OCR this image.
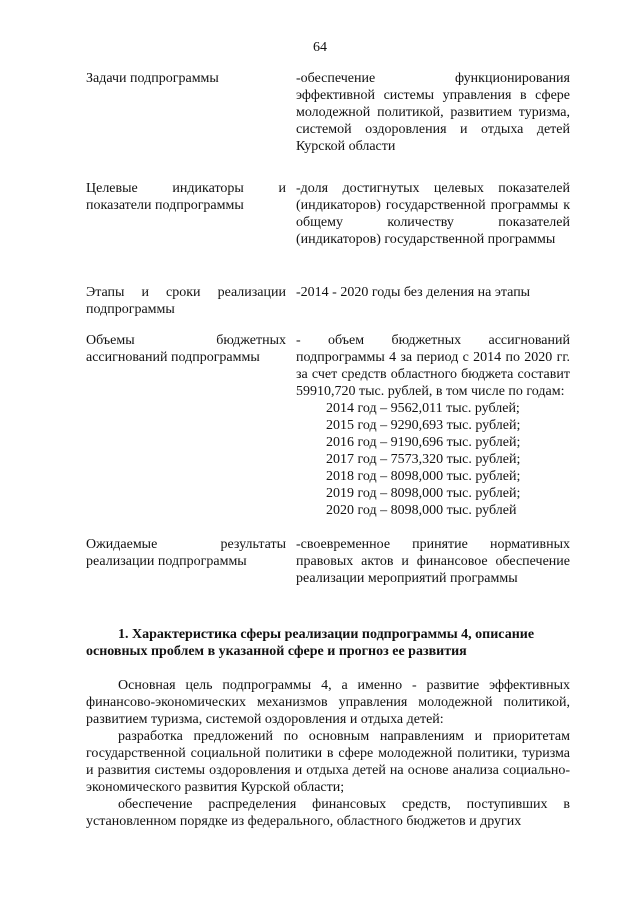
64
Задачи подпрограммы	-обеспечение функционирования эффективной системы управления в сфере молодежной политикой, развитием туризма, системой оздоровления и отдыха детей Курской области
Целевые индикаторы и показатели подпрограммы
-доля достигнутых целевых показателей (индикаторов) государственной программы к общему количеству показателей (индикаторов) государственной программы
Этапы и сроки реализации подпрограммы
-2014 - 2020 годы без деления на этапы
Объемы бюджетных ассигнований подпрограммы
- объем бюджетных ассигнований подпрограммы 4 за период с 2014 по 2020 гг. за счет средств областного бюджета составит 59910,720 тыс. рублей, в том числе по годам:
2014 год – 9562,011 тыс. рублей;
2015 год – 9290,693 тыс. рублей;
2016 год – 9190,696 тыс. рублей;
2017 год – 7573,320 тыс. рублей;
2018 год – 8098,000 тыс. рублей;
2019 год – 8098,000 тыс. рублей;
2020 год – 8098,000 тыс. рублей
Ожидаемые результаты реализации подпрограммы
-своевременное принятие нормативных правовых актов и финансовое обеспечение реализации мероприятий программы
1. Характеристика сферы реализации подпрограммы 4, описание основных проблем в указанной сфере и прогноз ее развития

Основная цель подпрограммы 4, а именно - развитие эффективных финансово-экономических механизмов управления молодежной политикой, развитием туризма, системой оздоровления и отдыха детей:

разработка предложений по основным направлениям и приоритетам государственной социальной политики в сфере молодежной политики, туризма и развития системы оздоровления и отдыха детей на основе анализа социально-экономического развития Курской области;

обеспечение распределения финансовых средств, поступивших в установленном порядке из федерального, областного бюджетов и других
